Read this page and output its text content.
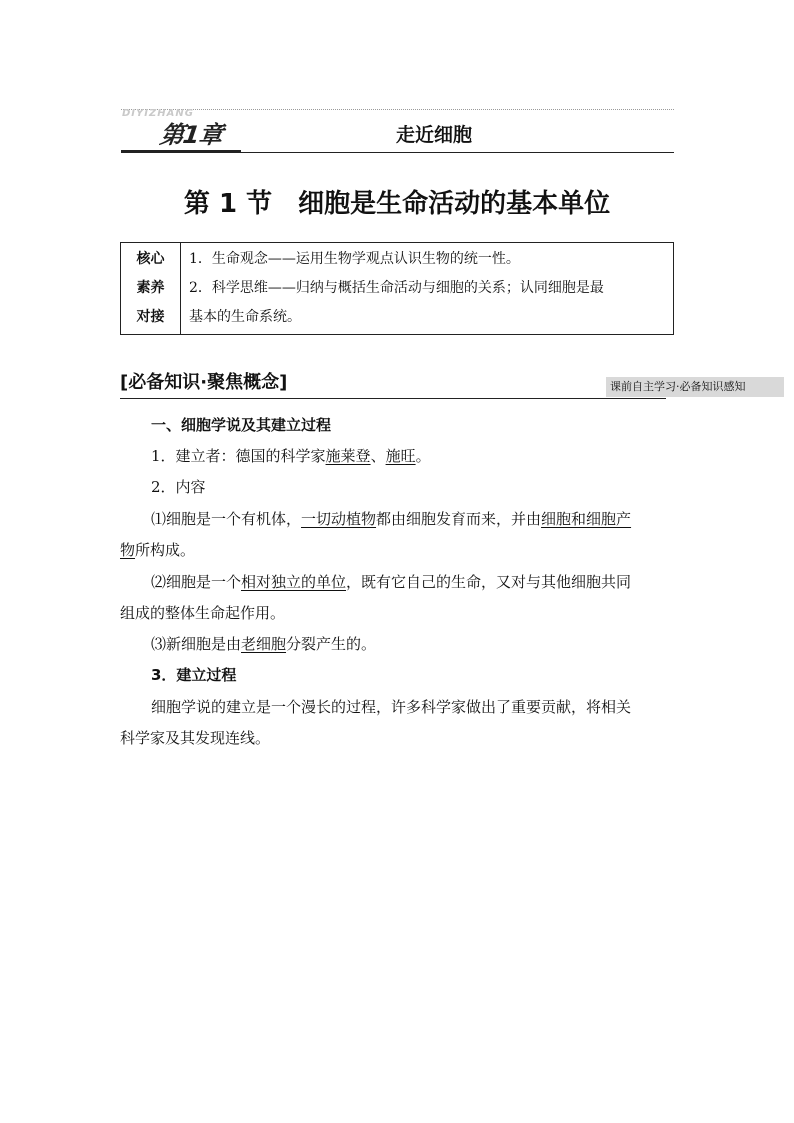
DIYIZHANG
第1章	走近细胞
第 1 节 细胞是生命活动的基本单位
核心
素养
对接
1．生命观念——运用生物学观点认识生物的统一性。
2．科学思维——归纳与概括生命活动与细胞的关系；认同细胞是最
基本的生命系统。
[必备知识·聚焦概念]	课前自主学习·必备知识感知
一、细胞学说及其建立过程
1．建立者：德国的科学家施莱登、施旺。
2．内容
⑴细胞是一个有机体，一切动植物都由细胞发育而来，并由细胞和细胞产
物所构成。
⑵细胞是一个相对独立的单位，既有它自己的生命，又对与其他细胞共同
组成的整体生命起作用。
⑶新细胞是由老细胞分裂产生的。
3．建立过程
细胞学说的建立是一个漫长的过程，许多科学家做出了重要贡献，将相关
科学家及其发现连线。
